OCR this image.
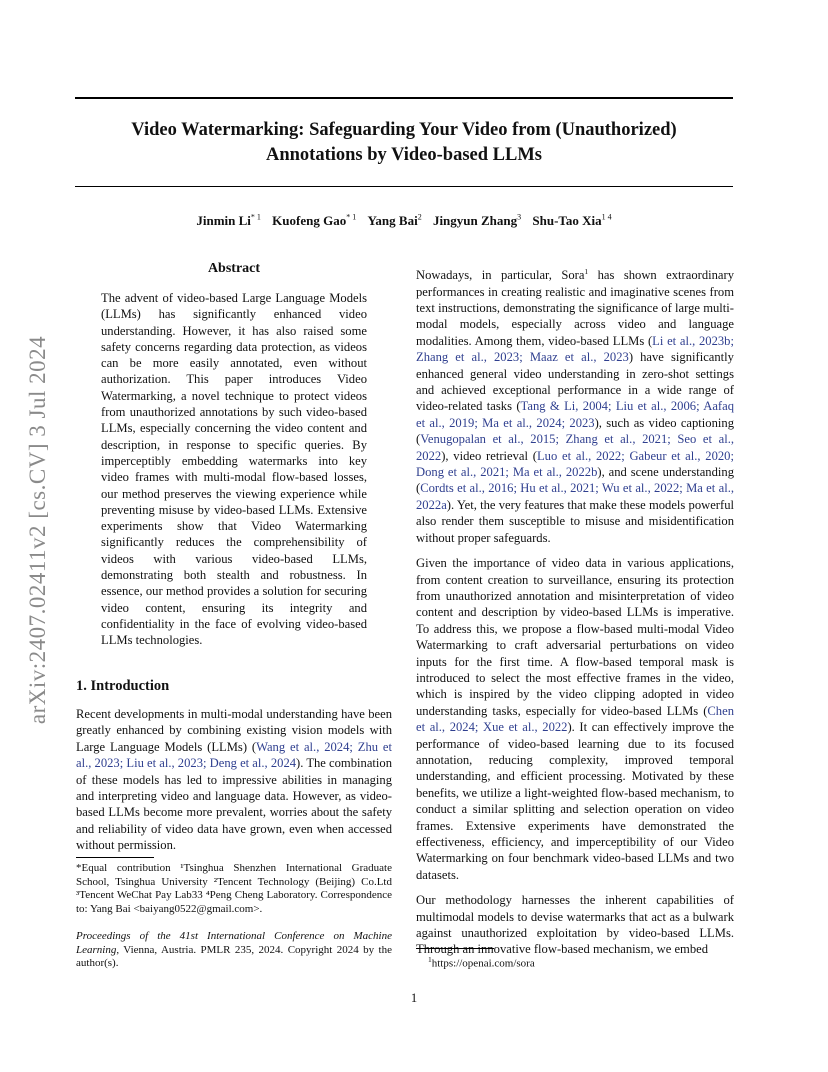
Video Watermarking: Safeguarding Your Video from (Unauthorized)
Annotations by Video-based LLMs
Jinmin Li$^{* 1}$ Kuofeng Gao$^{* 1}$ Yang Bai$^2$ Jingyun Zhang$^3$ Shu-Tao Xia$^{1 4}$
arXiv:2407.02411v2 [cs.CV] 3 Jul 2024
Abstract
The advent of video-based Large Language Models (LLMs) has significantly enhanced video understanding. However, it has also raised some safety concerns regarding data protection, as videos can be more easily annotated, even without authorization. This paper introduces Video Watermarking, a novel technique to protect videos from unauthorized annotations by such video-based LLMs, especially concerning the video content and description, in response to specific queries. By imperceptibly embedding watermarks into key video frames with multi-modal flow-based losses, our method preserves the viewing experience while preventing misuse by video-based LLMs. Extensive experiments show that Video Watermarking significantly reduces the comprehensibility of videos with various video-based LLMs, demonstrating both stealth and robustness. In essence, our method provides a solution for securing video content, ensuring its integrity and confidentiality in the face of evolving video-based LLMs technologies.
1. Introduction

Recent developments in multi-modal understanding have been greatly enhanced by combining existing vision models with Large Language Models (LLMs) (Wang et al., 2024; Zhu et al., 2023; Liu et al., 2023; Deng et al., 2024). The combination of these models has led to impressive abilities in managing and interpreting video and language data. However, as video-based LLMs become more prevalent, worries about the safety and reliability of video data have grown, even when accessed without permission.

*Equal contribution ¹Tsinghua Shenzhen International Graduate School, Tsinghua University ²Tencent Technology (Beijing) Co.Ltd ³Tencent WeChat Pay Lab33 ⁴Peng Cheng Laboratory. Correspondence to: Yang Bai <baiyang0522@gmail.com>.
Proceedings of the 41st International Conference on Machine Learning, Vienna, Austria. PMLR 235, 2024. Copyright 2024 by the author(s).

Nowadays, in particular, Sora$^1$ has shown extraordinary performances in creating realistic and imaginative scenes from text instructions, demonstrating the significance of large multi-modal models, especially across video and language modalities. Among them, video-based LLMs (Li et al., 2023b; Zhang et al., 2023; Maaz et al., 2023) have significantly enhanced general video understanding in zero-shot settings and achieved exceptional performance in a wide range of video-related tasks (Tang & Li, 2004; Liu et al., 2006; Aafaq et al., 2019; Ma et al., 2024; 2023), such as video captioning (Venugopalan et al., 2015; Zhang et al., 2021; Seo et al., 2022), video retrieval (Luo et al., 2022; Gabeur et al., 2020; Dong et al., 2021; Ma et al., 2022b), and scene understanding (Cordts et al., 2016; Hu et al., 2021; Wu et al., 2022; Ma et al., 2022a). Yet, the very features that make these models powerful also render them susceptible to misuse and misidentification without proper safeguards.

Given the importance of video data in various applications, from content creation to surveillance, ensuring its protection from unauthorized annotation and misinterpretation of video content and description by video-based LLMs is imperative. To address this, we propose a flow-based multi-modal Video Watermarking to craft adversarial perturbations on video inputs for the first time. A flow-based temporal mask is introduced to select the most effective frames in the video, which is inspired by the video clipping adopted in video understanding tasks, especially for video-based LLMs (Chen et al., 2024; Xue et al., 2022). It can effectively improve the performance of video-based learning due to its focused annotation, reducing complexity, improved temporal understanding, and efficient processing. Motivated by these benefits, we utilize a light-weighted flow-based mechanism, to conduct a similar splitting and selection operation on video frames. Extensive experiments have demonstrated the effectiveness, efficiency, and imperceptibility of our Video Watermarking on four benchmark video-based LLMs and two datasets.

Our methodology harnesses the inherent capabilities of multimodal models to devise watermarks that act as a bulwark against unauthorized exploitation by video-based LLMs. Through an innovative flow-based mechanism, we embed

$^1$https://openai.com/sora
1
